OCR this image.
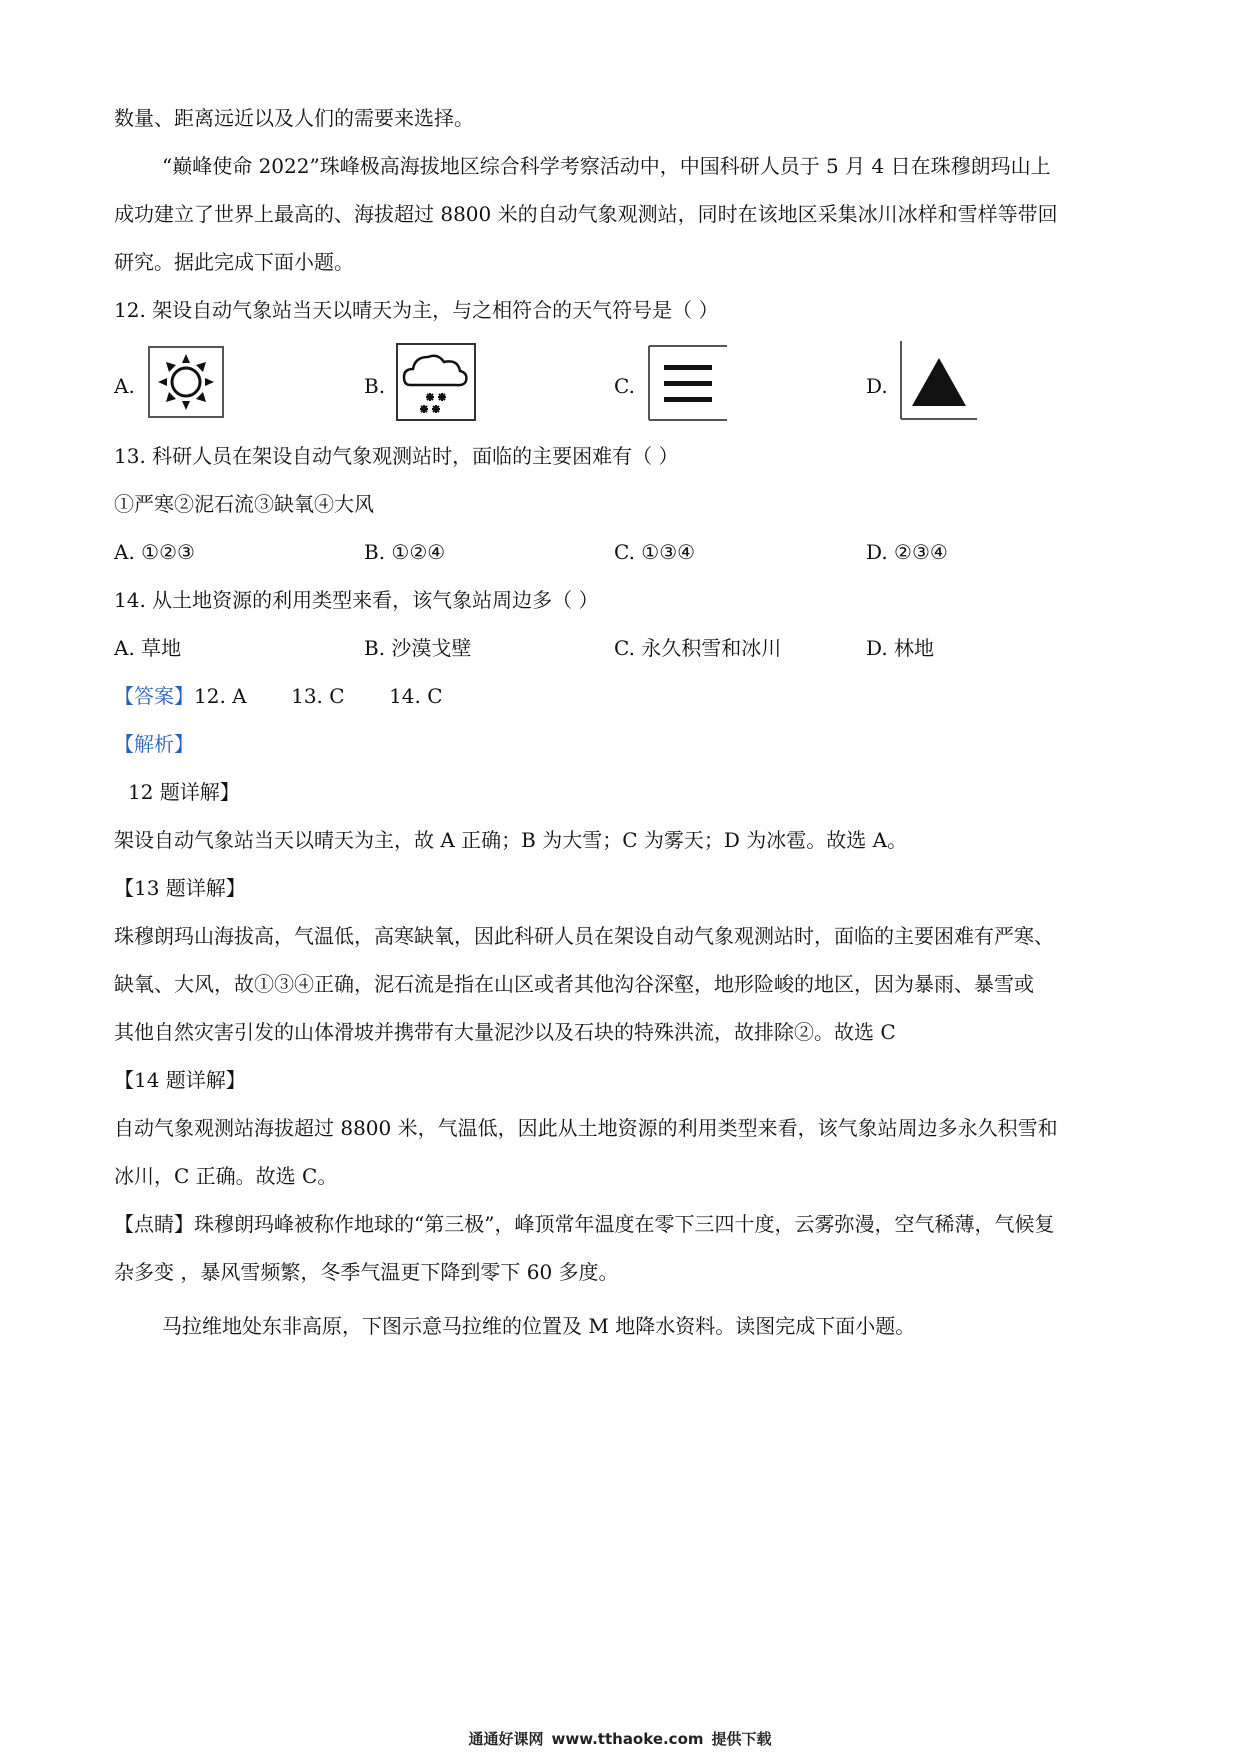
数量、距离远近以及人们的需要来选择。
“巅峰使命 2022”珠峰极高海拔地区综合科学考察活动中，中国科研人员于 5 月 4 日在珠穆朗玛山上
成功建立了世界上最高的、海拔超过 8800 米的自动气象观测站，同时在该地区采集冰川冰样和雪样等带回
研究。据此完成下面小题。
12. 架设自动气象站当天以晴天为主，与之相符合的天气符号是（ ）
A.	B.	C.	D.
13. 科研人员在架设自动气象观测站时，面临的主要困难有（ ）
①严寒②泥石流③缺氧④大风
A. ①②③	B. ①②④	C. ①③④	D. ②③④
14. 从土地资源的利用类型来看，该气象站周边多（ ）
A. 草地	B. 沙漠戈壁	C. 永久积雪和冰川	D. 林地
【答案】12. A       13. C       14. C
【解析】
12 题详解】
架设自动气象站当天以晴天为主，故 A 正确；B 为大雪；C 为雾天；D 为冰雹。故选 A。
【13 题详解】
珠穆朗玛山海拔高，气温低，高寒缺氧，因此科研人员在架设自动气象观测站时，面临的主要困难有严寒、
缺氧、大风，故①③④正确，泥石流是指在山区或者其他沟谷深壑，地形险峻的地区，因为暴雨、暴雪或
其他自然灾害引发的山体滑坡并携带有大量泥沙以及石块的特殊洪流，故排除②。故选 C
【14 题详解】
自动气象观测站海拔超过 8800 米，气温低，因此从土地资源的利用类型来看，该气象站周边多永久积雪和
冰川，C 正确。故选 C。
【点睛】珠穆朗玛峰被称作地球的“第三极”，峰顶常年温度在零下三四十度，云雾弥漫，空气稀薄，气候复
杂多变 ，暴风雪频繁，冬季气温更下降到零下 60 多度。
马拉维地处东非高原，下图示意马拉维的位置及 M 地降水资料。读图完成下面小题。
通通好课网 www.tthaoke.com 提供下载
